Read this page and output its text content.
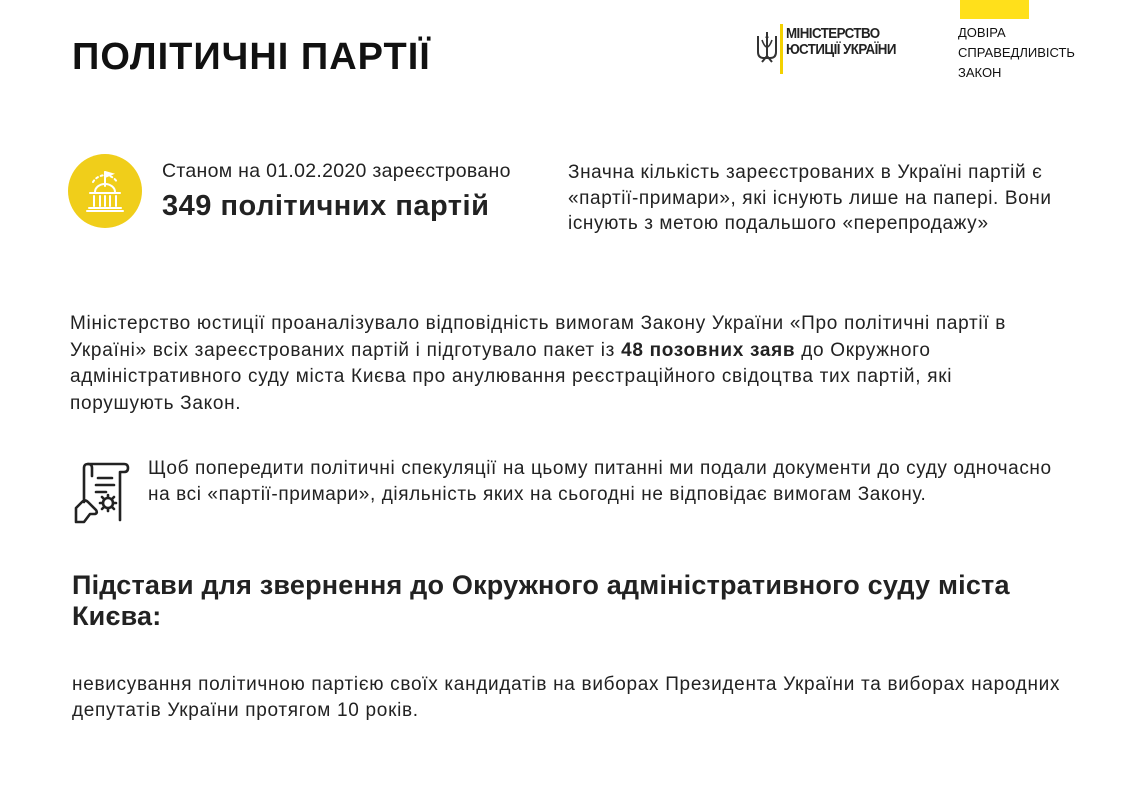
ПОЛІТИЧНІ ПАРТІЇ
МІНІСТЕРСТВО
ЮСТИЦІЇ УКРАЇНИ
ДОВІРА
СПРАВЕДЛИВІСТЬ
ЗАКОН
Станом на 01.02.2020 зареєстровано
349 політичних партій
Значна кількість зареєстрованих в Україні партій є «партії-примари», які існують лише на папері. Вони існують з метою подальшого «перепродажу»
Міністерство юстиції проаналізувало відповідність вимогам Закону України «Про політичні партії в Україні» всіх зареєстрованих партій і підготувало пакет із 48 позовних заяв до Окружного адміністративного суду міста Києва про анулювання реєстраційного свідоцтва тих партій, які порушують Закон.
Щоб попередити політичні спекуляції на цьому питанні ми подали документи до суду одночасно на всі «партії-примари», діяльність яких на сьогодні не відповідає вимогам Закону.
Підстави для звернення до Окружного адміністративного суду міста Києва:
невисування політичною партією своїх кандидатів на виборах Президента України та виборах народних депутатів України протягом 10 років.
